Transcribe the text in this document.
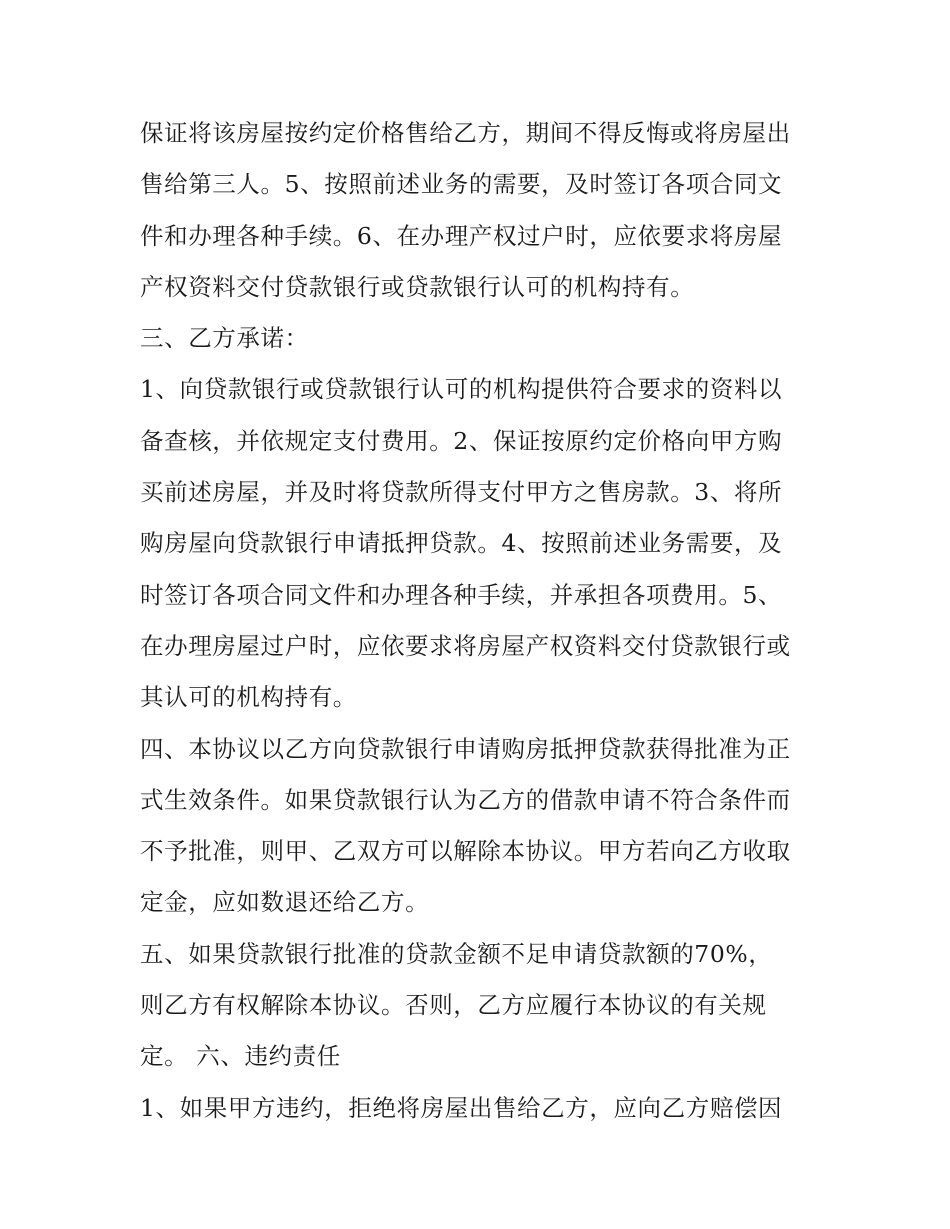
保证将该房屋按约定价格售给乙方，期间不得反悔或将房屋出
售给第三人。5、按照前述业务的需要，及时签订各项合同文
件和办理各种手续。6、在办理产权过户时，应依要求将房屋
产权资料交付贷款银行或贷款银行认可的机构持有。
三、乙方承诺：
1、向贷款银行或贷款银行认可的机构提供符合要求的资料以
备查核，并依规定支付费用。2、保证按原约定价格向甲方购
买前述房屋，并及时将贷款所得支付甲方之售房款。3、将所
购房屋向贷款银行申请抵押贷款。4、按照前述业务需要，及
时签订各项合同文件和办理各种手续，并承担各项费用。5、
在办理房屋过户时，应依要求将房屋产权资料交付贷款银行或
其认可的机构持有。
四、本协议以乙方向贷款银行申请购房抵押贷款获得批准为正
式生效条件。如果贷款银行认为乙方的借款申请不符合条件而
不予批准，则甲、乙双方可以解除本协议。甲方若向乙方收取
定金，应如数退还给乙方。
五、如果贷款银行批准的贷款金额不足申请贷款额的70%，
则乙方有权解除本协议。否则，乙方应履行本协议的有关规
定。 六、违约责任
1、如果甲方违约，拒绝将房屋出售给乙方，应向乙方赔偿因
